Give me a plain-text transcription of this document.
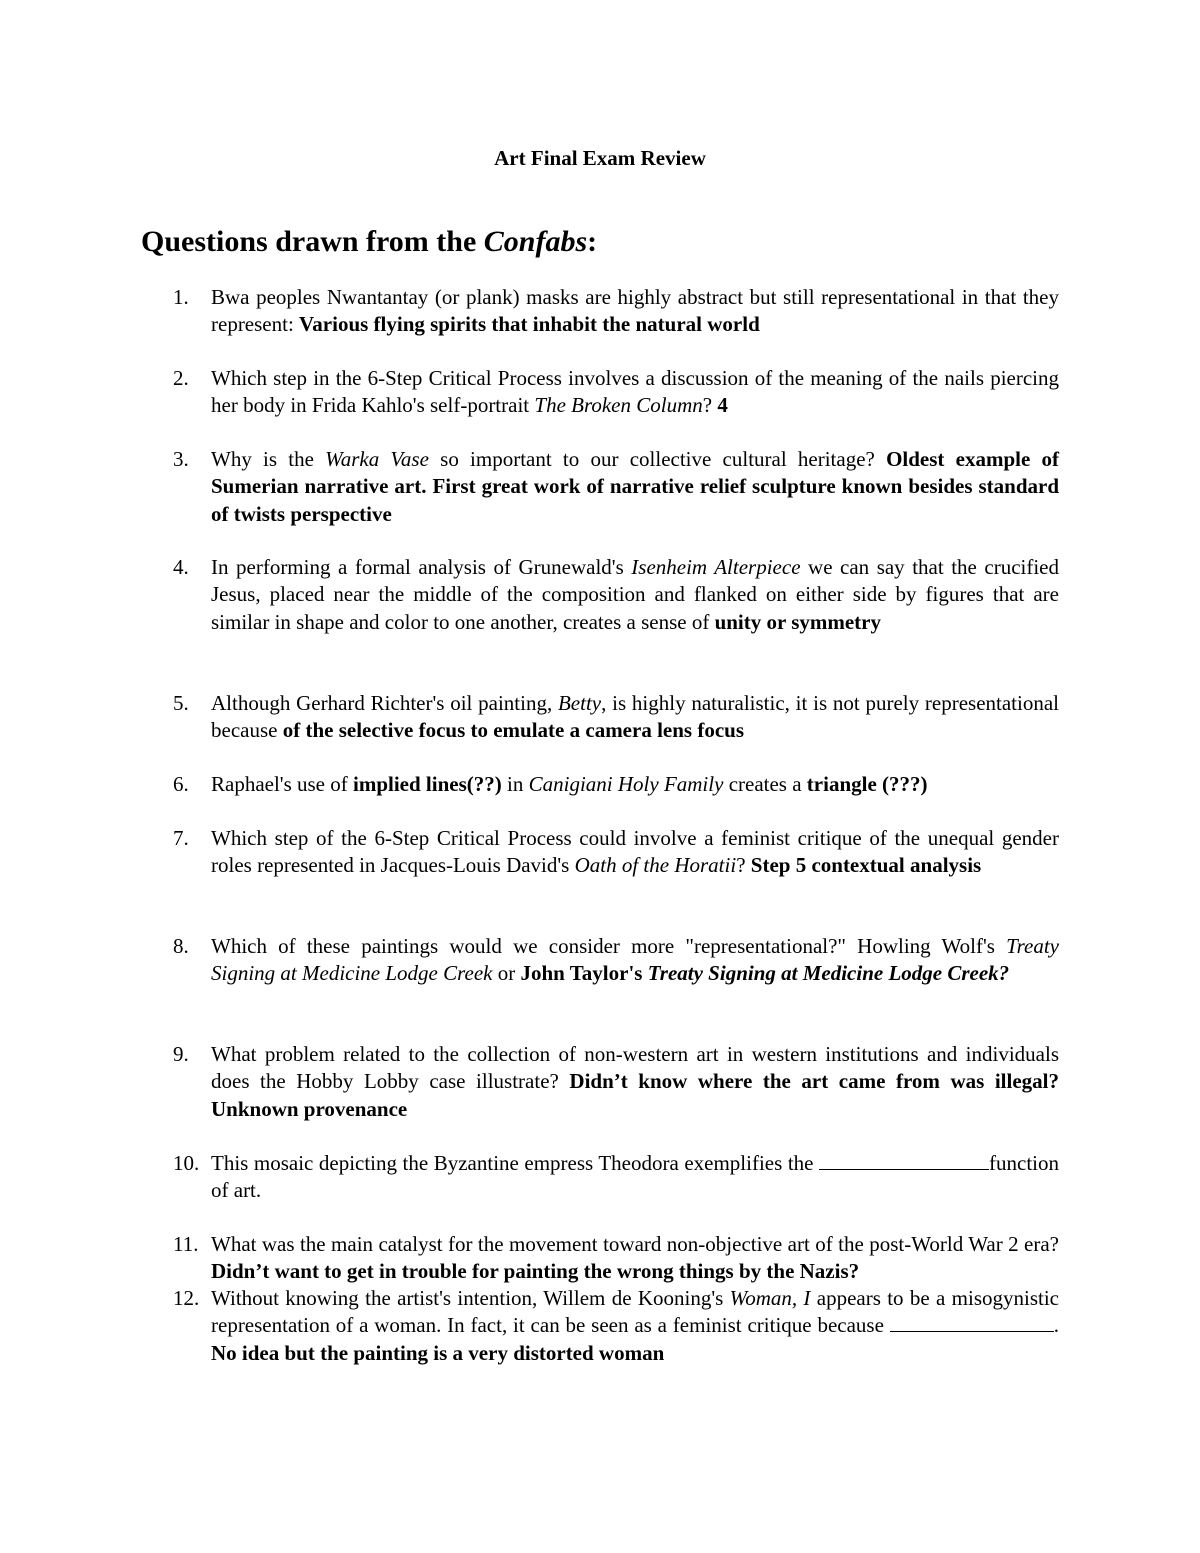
Art Final Exam Review
Questions drawn from the Confabs:
1.	Bwa peoples Nwantantay (or plank) masks are highly abstract but still representational in that they represent: Various flying spirits that inhabit the natural world
2.	Which step in the 6-Step Critical Process involves a discussion of the meaning of the nails piercing her body in Frida Kahlo's self-portrait The Broken Column? 4
3.	Why is the Warka Vase so important to our collective cultural heritage? Oldest example of Sumerian narrative art. First great work of narrative relief sculpture known besides standard of twists perspective
4.	In performing a formal analysis of Grunewald's Isenheim Alterpiece we can say that the crucified Jesus, placed near the middle of the composition and flanked on either side by figures that are similar in shape and color to one another, creates a sense of unity or symmetry
5.	Although Gerhard Richter's oil painting, Betty, is highly naturalistic, it is not purely representational because of the selective focus to emulate a camera lens focus
6.	Raphael's use of implied lines(??) in Canigiani Holy Family creates a triangle (???)
7.	Which step of the 6-Step Critical Process could involve a feminist critique of the unequal gender roles represented in Jacques-Louis David's Oath of the Horatii? Step 5 contextual analysis
8.	Which of these paintings would we consider more "representational?" Howling Wolf's Treaty Signing at Medicine Lodge Creek or John Taylor's Treaty Signing at Medicine Lodge Creek?
9.	What problem related to the collection of non-western art in western institutions and individuals does the Hobby Lobby case illustrate? Didn’t know where the art came from was illegal? Unknown provenance
10. This mosaic depicting the Byzantine empress Theodora exemplifies the	function of art.
11. What was the main catalyst for the movement toward non-objective art of the post-World War 2 era? Didn’t want to get in trouble for painting the wrong things by the Nazis?
12. Without knowing the artist's intention, Willem de Kooning's Woman, I appears to be a misogynistic representation of a woman. In fact, it can be seen as a feminist critique because	. No idea but the painting is a very distorted woman
